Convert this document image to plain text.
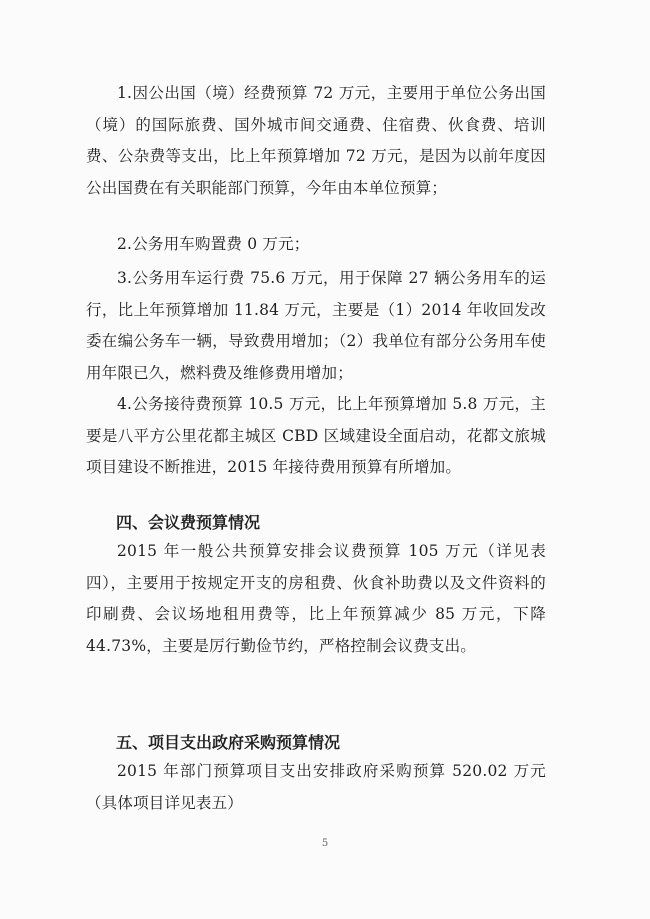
1.因公出国（境）经费预算 72 万元，主要用于单位公务出国（境）的国际旅费、国外城市间交通费、住宿费、伙食费、培训费、公杂费等支出，比上年预算增加 72 万元，是因为以前年度因公出国费在有关职能部门预算，今年由本单位预算；

2.公务用车购置费 0 万元；

3.公务用车运行费 75.6 万元，用于保障 27 辆公务用车的运行，比上年预算增加 11.84 万元，主要是（1）2014 年收回发改委在编公务车一辆，导致费用增加；（2）我单位有部分公务用车使用年限已久，燃料费及维修费用增加；

4.公务接待费预算 10.5 万元，比上年预算增加 5.8 万元，主要是八平方公里花都主城区 CBD 区域建设全面启动，花都文旅城项目建设不断推进，2015 年接待费用预算有所增加。

四、会议费预算情况

2015 年一般公共预算安排会议费预算 105 万元（详见表四），主要用于按规定开支的房租费、伙食补助费以及文件资料的印刷费、会议场地租用费等，比上年预算减少 85 万元，下降 44.73%，主要是厉行勤俭节约，严格控制会议费支出。

五、项目支出政府采购预算情况

2015 年部门预算项目支出安排政府采购预算 520.02 万元（具体项目详见表五）

5
